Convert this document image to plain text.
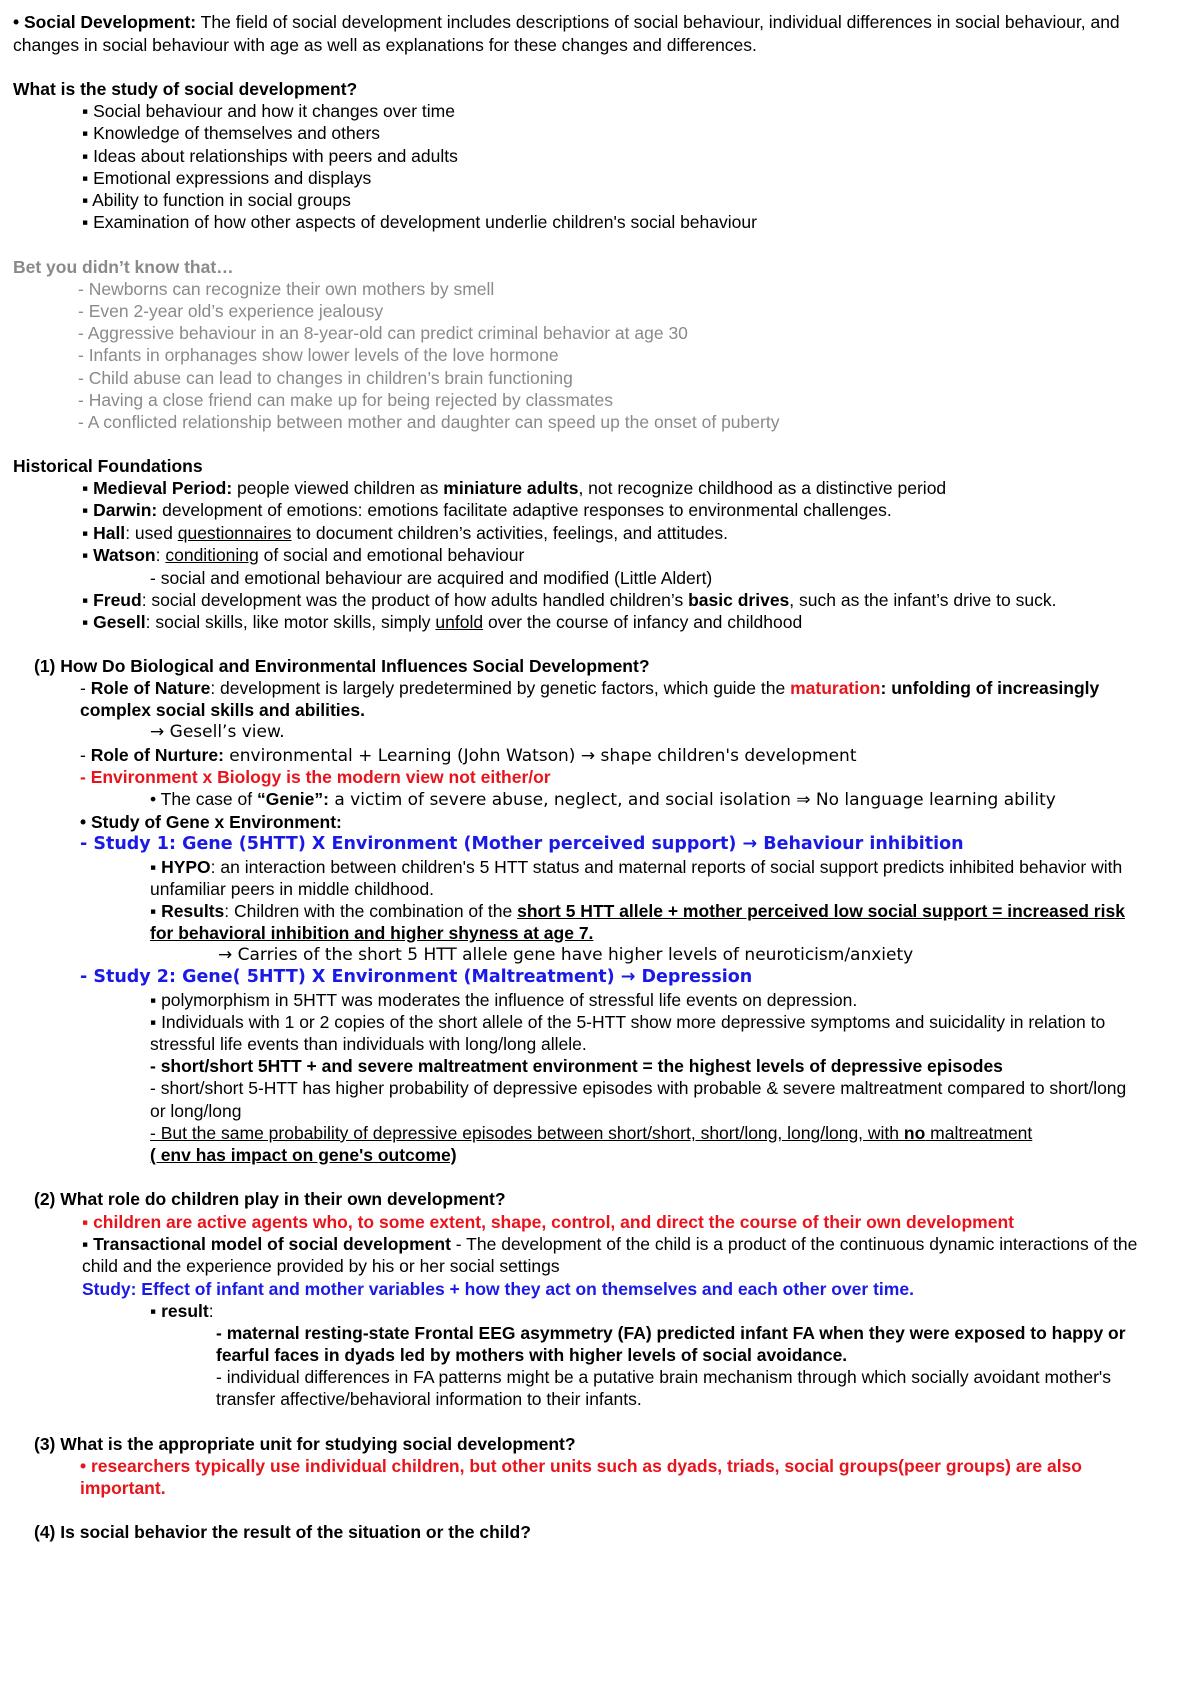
• Social Development: The field of social development includes descriptions of social behaviour, individual differences in social behaviour, and
changes in social behaviour with age as well as explanations for these changes and differences.
What is the study of social development?
▪ Social behaviour and how it changes over time
▪ Knowledge of themselves and others
▪ Ideas about relationships with peers and adults
▪ Emotional expressions and displays
▪ Ability to function in social groups
▪ Examination of how other aspects of development underlie children's social behaviour
Bet you didn’t know that…
- Newborns can recognize their own mothers by smell
- Even 2-year old’s experience jealousy
- Aggressive behaviour in an 8-year-old can predict criminal behavior at age 30
- Infants in orphanages show lower levels of the love hormone
- Child abuse can lead to changes in children’s brain functioning
- Having a close friend can make up for being rejected by classmates
- A conflicted relationship between mother and daughter can speed up the onset of puberty
Historical Foundations
▪ Medieval Period: people viewed children as miniature adults, not recognize childhood as a distinctive period
▪ Darwin: development of emotions: emotions facilitate adaptive responses to environmental challenges.
▪ Hall: used questionnaires to document children’s activities, feelings, and attitudes.
▪ Watson: conditioning of social and emotional behaviour
- social and emotional behaviour are acquired and modified (Little Aldert)
▪ Freud: social development was the product of how adults handled children’s basic drives, such as the infant’s drive to suck.
▪ Gesell: social skills, like motor skills, simply unfold over the course of infancy and childhood
(1) How Do Biological and Environmental Influences Social Development?
- Role of Nature: development is largely predetermined by genetic factors, which guide the maturation: unfolding of increasingly
complex social skills and abilities.
→ Gesell’s view.
- Role of Nurture: environmental + Learning (John Watson) → shape children's development
- Environment x Biology is the modern view not either/or
• The case of “Genie”: a victim of severe abuse, neglect, and social isolation ⇒ No language learning ability
• Study of Gene x Environment:
- Study 1: Gene (5HTT) X Environment (Mother perceived support) → Behaviour inhibition
▪ HYPO: an interaction between children's 5 HTT status and maternal reports of social support predicts inhibited behavior with
unfamiliar peers in middle childhood.
▪ Results: Children with the combination of the short 5 HTT allele + mother perceived low social support = increased risk
for behavioral inhibition and higher shyness at age 7.
→ Carries of the short 5 HTT allele gene have higher levels of neuroticism/anxiety
- Study 2: Gene( 5HTT) X Environment (Maltreatment) → Depression
▪ polymorphism in 5HTT was moderates the influence of stressful life events on depression.
▪ Individuals with 1 or 2 copies of the short allele of the 5-HTT show more depressive symptoms and suicidality in relation to
stressful life events than individuals with long/long allele.
- short/short 5HTT + and severe maltreatment environment = the highest levels of depressive episodes
- short/short 5-HTT has higher probability of depressive episodes with probable & severe maltreatment compared to short/long
or long/long
- But the same probability of depressive episodes between short/short, short/long, long/long, with no maltreatment
( env has impact on gene's outcome)
(2) What role do children play in their own development?
▪ children are active agents who, to some extent, shape, control, and direct the course of their own development
▪ Transactional model of social development - The development of the child is a product of the continuous dynamic interactions of the
child and the experience provided by his or her social settings
Study: Effect of infant and mother variables + how they act on themselves and each other over time.
▪ result:
- maternal resting-state Frontal EEG asymmetry (FA) predicted infant FA when they were exposed to happy or
fearful faces in dyads led by mothers with higher levels of social avoidance.
- individual differences in FA patterns might be a putative brain mechanism through which socially avoidant mother's
transfer affective/behavioral information to their infants.
(3) What is the appropriate unit for studying social development?
• researchers typically use individual children, but other units such as dyads, triads, social groups(peer groups) are also
important.
(4) Is social behavior the result of the situation or the child?
